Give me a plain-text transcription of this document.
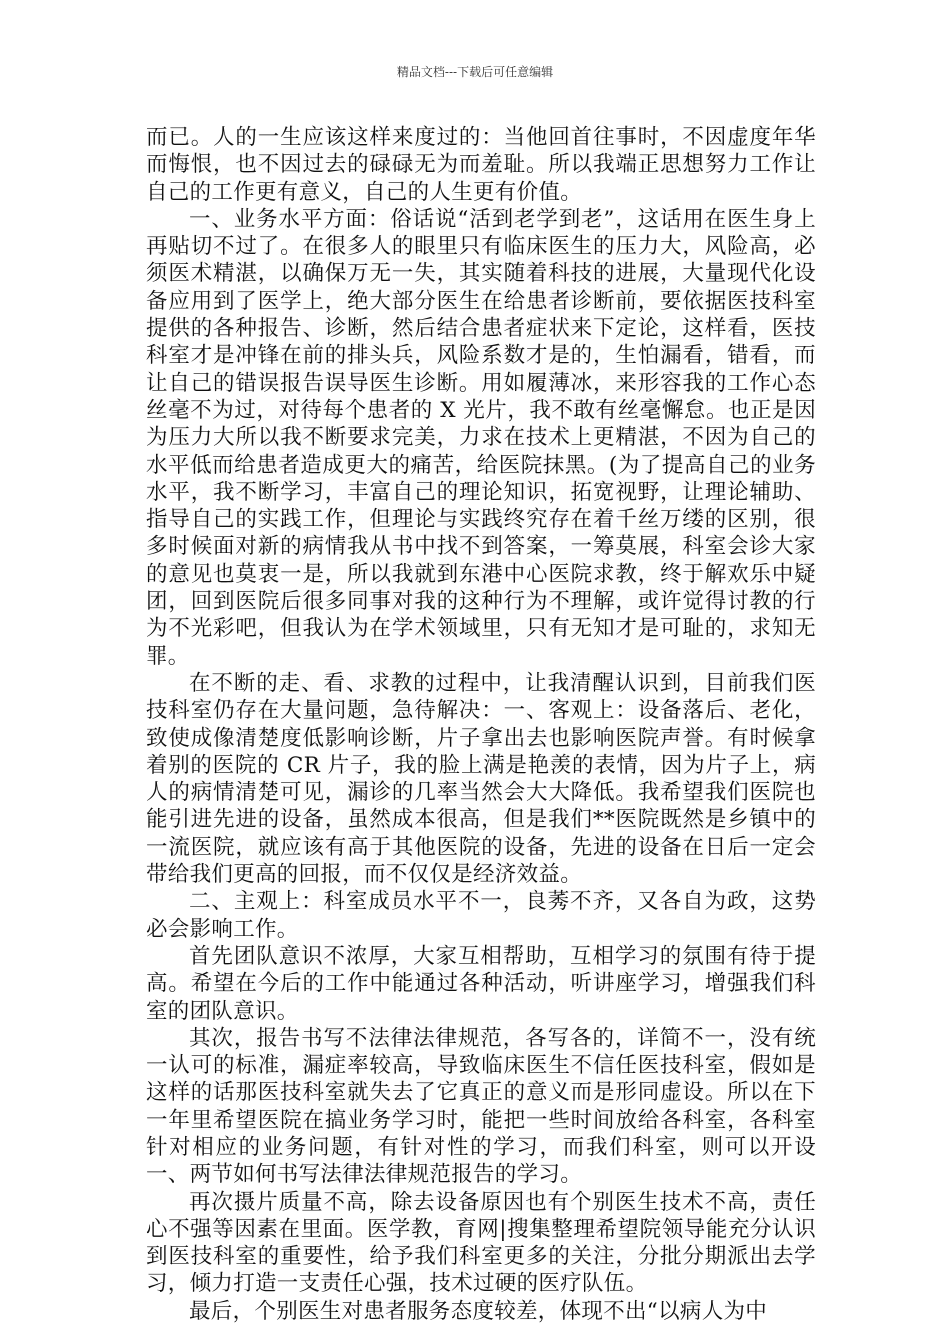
精品文档---下载后可任意编辑

而已。人的一生应该这样来度过的：当他回首往事时，不因虚度年华而悔恨，也不因过去的碌碌无为而羞耻。所以我端正思想努力工作让自己的工作更有意义，自己的人生更有价值。

一、业务水平方面：俗话说“活到老学到老”，这话用在医生身上再贴切不过了。在很多人的眼里只有临床医生的压力大，风险高，必须医术精湛，以确保万无一失，其实随着科技的进展，大量现代化设备应用到了医学上，绝大部分医生在给患者诊断前，要依据医技科室提供的各种报告、诊断，然后结合患者症状来下定论，这样看，医技科室才是冲锋在前的排头兵，风险系数才是的，生怕漏看，错看，而让自己的错误报告误导医生诊断。用如履薄冰，来形容我的工作心态丝毫不为过，对待每个患者的 X 光片，我不敢有丝毫懈怠。也正是因为压力大所以我不断要求完美，力求在技术上更精湛，不因为自己的水平低而给患者造成更大的痛苦，给医院抹黑。(为了提高自己的业务水平，我不断学习，丰富自己的理论知识，拓宽视野，让理论辅助、指导自己的实践工作，但理论与实践终究存在着千丝万缕的区别，很多时候面对新的病情我从书中找不到答案，一筹莫展，科室会诊大家的意见也莫衷一是，所以我就到东港中心医院求教，终于解欢乐中疑团，回到医院后很多同事对我的这种行为不理解，或许觉得讨教的行为不光彩吧，但我认为在学术领域里，只有无知才是可耻的，求知无罪。

在不断的走、看、求教的过程中，让我清醒认识到，目前我们医技科室仍存在大量问题，急待解决：一、客观上：设备落后、老化，致使成像清楚度低影响诊断，片子拿出去也影响医院声誉。有时候拿着别的医院的 CR 片子，我的脸上满是艳羡的表情，因为片子上，病人的病情清楚可见，漏诊的几率当然会大大降低。我希望我们医院也能引进先进的设备，虽然成本很高，但是我们**医院既然是乡镇中的一流医院，就应该有高于其他医院的设备，先进的设备在日后一定会带给我们更高的回报，而不仅仅是经济效益。

二、主观上：科室成员水平不一，良莠不齐，又各自为政，这势必会影响工作。

首先团队意识不浓厚，大家互相帮助，互相学习的氛围有待于提高。希望在今后的工作中能通过各种活动，听讲座学习，增强我们科室的团队意识。

其次，报告书写不法律法律规范，各写各的，详简不一，没有统一认可的标准，漏症率较高，导致临床医生不信任医技科室，假如是这样的话那医技科室就失去了它真正的意义而是形同虚设。所以在下一年里希望医院在搞业务学习时，能把一些时间放给各科室，各科室针对相应的业务问题，有针对性的学习，而我们科室，则可以开设一、两节如何书写法律法律规范报告的学习。

再次摄片质量不高，除去设备原因也有个别医生技术不高，责任心不强等因素在里面。医学教，育网|搜集整理希望院领导能充分认识到医技科室的重要性，给予我们科室更多的关注，分批分期派出去学习，倾力打造一支责任心强，技术过硬的医疗队伍。

最后，个别医生对患者服务态度较差，体现不出“以病人为中
